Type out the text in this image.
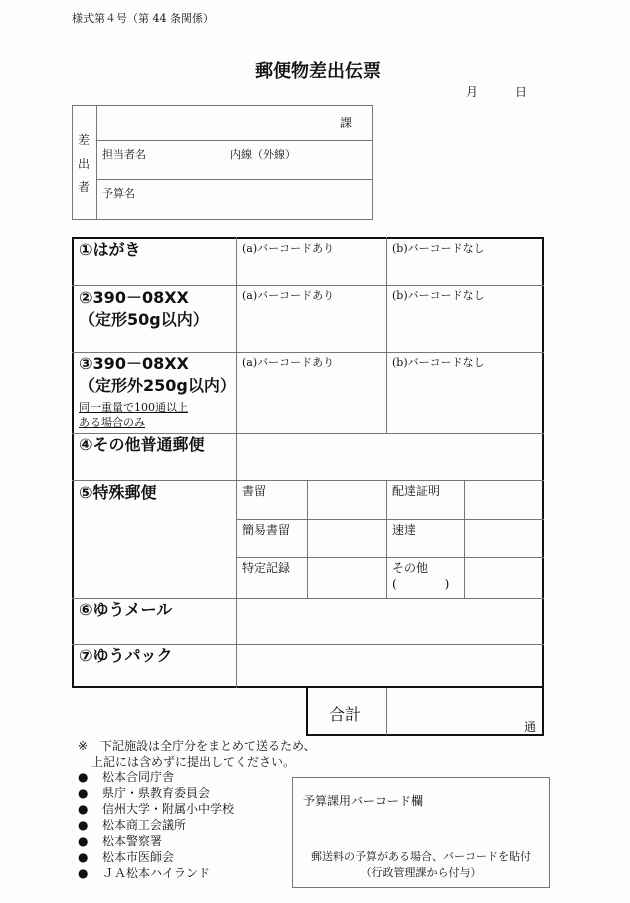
様式第４号（第 44 条関係）
郵便物差出伝票
月	日
差
出
者
課
担当者名	内線（外線）
予算名
①はがき	(a)バーコードあり	(b)バーコードなし
②390－08XX
（定形50g以内）
(a)バーコードあり	(b)バーコードなし
③390－08XX
（定形外250g以内）
同一重量で100通以上
ある場合のみ
(a)バーコードあり	(b)バーコードなし
④その他普通郵便
⑤特殊郵便	書留	配達証明
簡易書留	速達
特定記録	その他
(　　　　)
⑥ゆうメール
⑦ゆうパック
合計
通
※　下記施設は全庁分をまとめて送るため、
上記には含めずに提出してください。
● 松本合同庁舎
● 県庁・県教育委員会
● 信州大学・附属小中学校
● 松本商工会議所
● 松本警察署
● 松本市医師会
● ＪＡ松本ハイランド
予算課用バーコード欄
郵送料の予算がある場合、バーコードを貼付
（行政管理課から付与）
